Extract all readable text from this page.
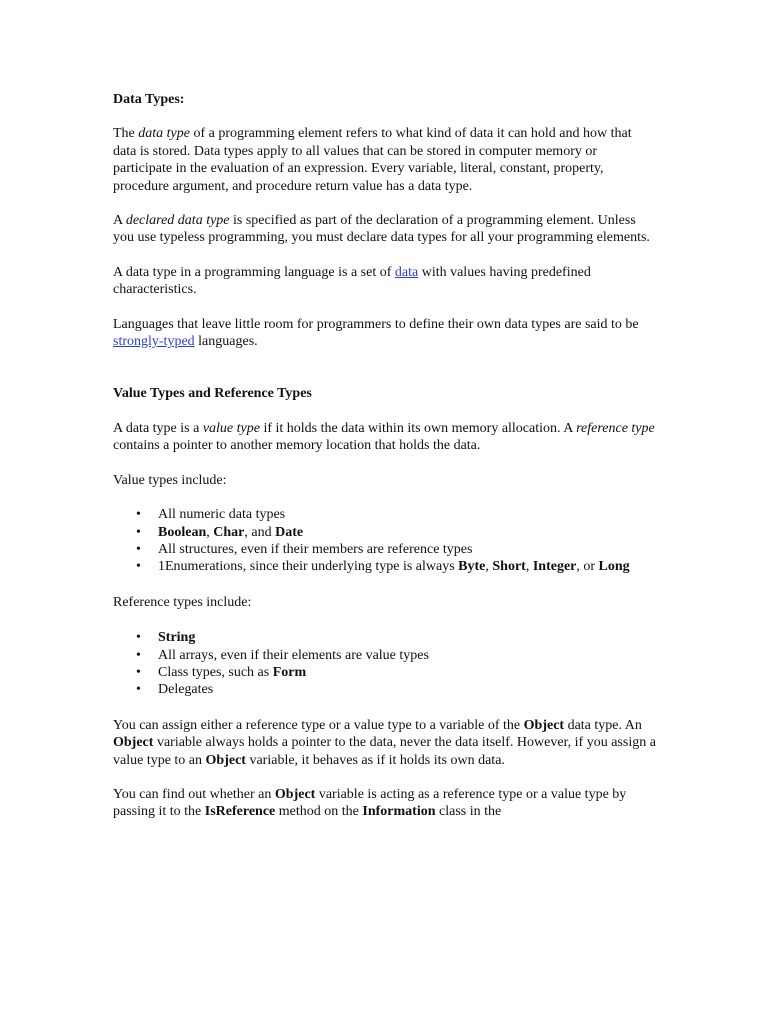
Data Types:

The data type of a programming element refers to what kind of data it can hold and how that data is stored. Data types apply to all values that can be stored in computer memory or participate in the evaluation of an expression. Every variable, literal, constant, property, procedure argument, and procedure return value has a data type.

A declared data type is specified as part of the declaration of a programming element. Unless you use typeless programming, you must declare data types for all your programming elements.

A data type in a programming language is a set of data with values having predefined characteristics.

Languages that leave little room for programmers to define their own data types are said to be strongly-typed languages.

Value Types and Reference Types

A data type is a value type if it holds the data within its own memory allocation. A reference type contains a pointer to another memory location that holds the data.

Value types include:

• All numeric data types
• Boolean, Char, and Date
• All structures, even if their members are reference types
• 1Enumerations, since their underlying type is always Byte, Short, Integer, or Long

Reference types include:

• String
• All arrays, even if their elements are value types
• Class types, such as Form
• Delegates

You can assign either a reference type or a value type to a variable of the Object data type. An Object variable always holds a pointer to the data, never the data itself. However, if you assign a value type to an Object variable, it behaves as if it holds its own data.

You can find out whether an Object variable is acting as a reference type or a value type by passing it to the IsReference method on the Information class in the
